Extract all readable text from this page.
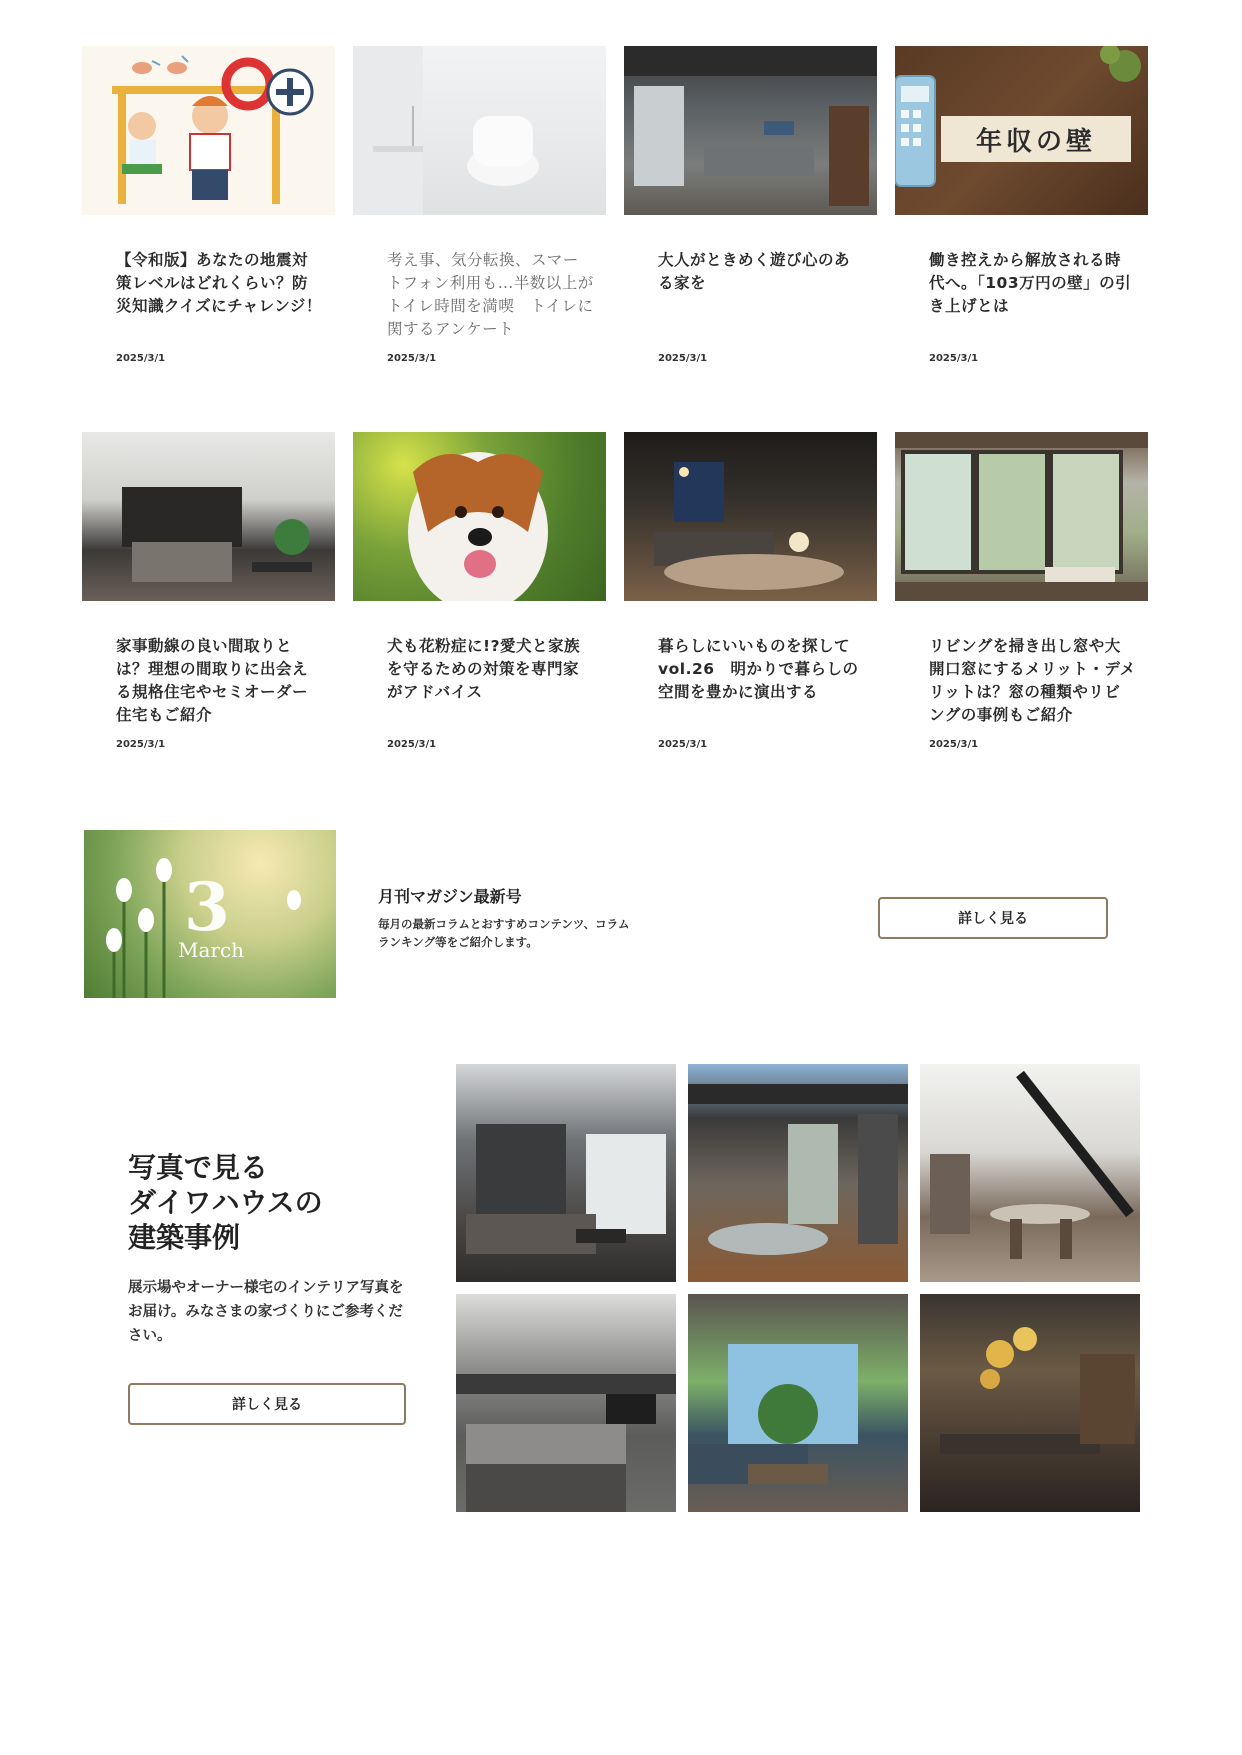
【令和版】あなたの地震対策レベルはどれくらい？防災知識クイズにチャレンジ！
2025/3/1
考え事、気分転換、スマートフォン利用も…半数以上がトイレ時間を満喫　トイレに関するアンケート
2025/3/1
大人がときめく遊び心のある家を
2025/3/1
年収の壁
働き控えから解放される時代へ。「103万円の壁」の引き上げとは
2025/3/1
家事動線の良い間取りとは？理想の間取りに出会える規格住宅やセミオーダー住宅もご紹介
2025/3/1
犬も花粉症に!?愛犬と家族を守るための対策を専門家がアドバイス
2025/3/1
暮らしにいいものを探して vol.26　明かりで暮らしの空間を豊かに演出する
2025/3/1
リビングを掃き出し窓や大開口窓にするメリット・デメリットは？窓の種類やリビングの事例もご紹介
2025/3/1
3
March
月刊マガジン最新号
毎月の最新コラムとおすすめコンテンツ、コラムランキング等をご紹介します。
詳しく見る
写真で見る
ダイワハウスの
建築事例
展示場やオーナー様宅のインテリア写真をお届け。みなさまの家づくりにご参考ください。
詳しく見る
